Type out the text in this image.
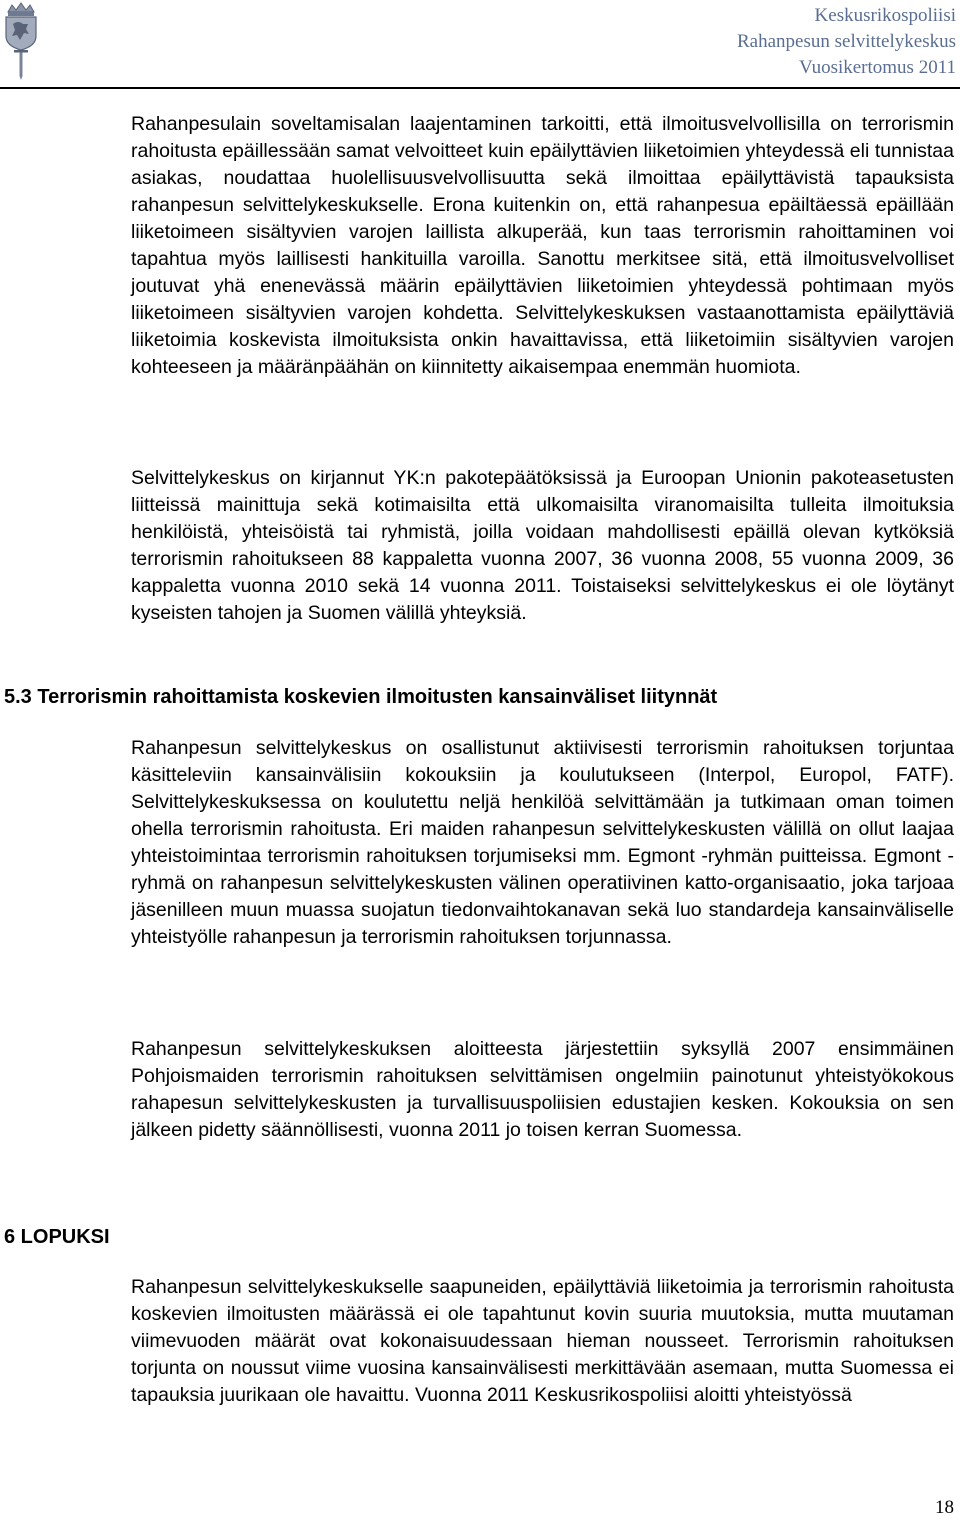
Keskusrikospoliisi
Rahanpesun selvittelykeskus
Vuosikertomus 2011

Rahanpesulain soveltamisalan laajentaminen tarkoitti, että ilmoitusvelvollisilla on terrorismin rahoitusta epäillessään samat velvoitteet kuin epäilyttävien liiketoimien yhteydessä eli tunnistaa asiakas, noudattaa huolellisuusvelvollisuutta sekä ilmoittaa epäilyttävistä tapauksista rahanpesun selvittelykeskukselle. Erona kuitenkin on, että rahanpesua epäiltäessä epäillään liiketoimeen sisältyvien varojen laillista alkuperää, kun taas terrorismin rahoittaminen voi tapahtua myös laillisesti hankituilla varoilla. Sanottu merkitsee sitä, että ilmoitusvelvolliset joutuvat yhä enenevässä määrin epäilyttävien liiketoimien yhteydessä pohtimaan myös liiketoimeen sisältyvien varojen kohdetta. Selvittelykeskuksen vastaanottamista epäilyttäviä liiketoimia koskevista ilmoituksista onkin havaittavissa, että liiketoimiin sisältyvien varojen kohteeseen ja määränpäähän on kiinnitetty aikaisempaa enemmän huomiota.

Selvittelykeskus on kirjannut YK:n pakotepäätöksissä ja Euroopan Unionin pakoteasetusten liitteissä mainittuja sekä kotimaisilta että ulkomaisilta viranomaisilta tulleita ilmoituksia henkilöistä, yhteisöistä tai ryhmistä, joilla voidaan mahdollisesti epäillä olevan kytköksiä terrorismin rahoitukseen 88 kappaletta vuonna 2007, 36 vuonna 2008, 55 vuonna 2009, 36 kappaletta vuonna 2010 sekä 14 vuonna 2011. Toistaiseksi selvittelykeskus ei ole löytänyt kyseisten tahojen ja Suomen välillä yhteyksiä.

5.3 Terrorismin rahoittamista koskevien ilmoitusten kansainväliset liitynnät

Rahanpesun selvittelykeskus on osallistunut aktiivisesti terrorismin rahoituksen torjuntaa käsitteleviin kansainvälisiin kokouksiin ja koulutukseen (Interpol, Europol, FATF). Selvittelykeskuksessa on koulutettu neljä henkilöä selvittämään ja tutkimaan oman toimen ohella terrorismin rahoitusta. Eri maiden rahanpesun selvittelykeskusten välillä on ollut laajaa yhteistoimintaa terrorismin rahoituksen torjumiseksi mm. Egmont -ryhmän puitteissa. Egmont -ryhmä on rahanpesun selvittelykeskusten välinen operatiivinen katto-organisaatio, joka tarjoaa jäsenilleen muun muassa suojatun tiedonvaihtokanavan sekä luo standardeja kansainväliselle yhteistyölle rahanpesun ja terrorismin rahoituksen torjunnassa.

Rahanpesun selvittelykeskuksen aloitteesta järjestettiin syksyllä 2007 ensimmäinen Pohjoismaiden terrorismin rahoituksen selvittämisen ongelmiin painotunut yhteistyökokous rahapesun selvittelykeskusten ja turvallisuuspoliisien edustajien kesken. Kokouksia on sen jälkeen pidetty säännöllisesti, vuonna 2011 jo toisen kerran Suomessa.

6 LOPUKSI

Rahanpesun selvittelykeskukselle saapuneiden, epäilyttäviä liiketoimia ja terrorismin rahoitusta koskevien ilmoitusten määrässä ei ole tapahtunut kovin suuria muutoksia, mutta muutaman viimevuoden määrät ovat kokonaisuudessaan hieman nousseet. Terrorismin rahoituksen torjunta on noussut viime vuosina kansainvälisesti merkittävään asemaan, mutta Suomessa ei tapauksia juurikaan ole havaittu. Vuonna 2011 Keskusrikospoliisi aloitti yhteistyössä

18
